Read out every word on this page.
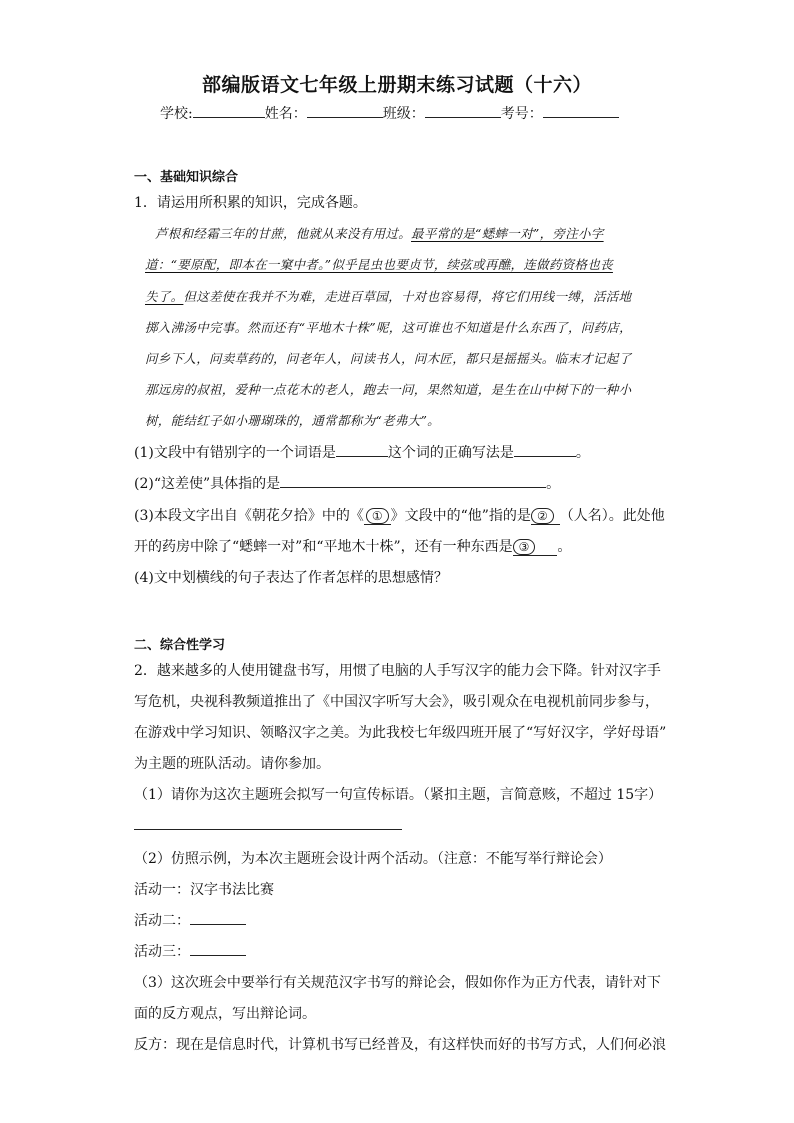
部编版语文七年级上册期末练习试题（十六）
学校:	姓名：	班级：	考号：
一、基础知识综合
1．请运用所积累的知识，完成各题。
芦根和经霜三年的甘蔗，他就从来没有用过。最平常的是“蟋蟀一对”，旁注小字
道：“要原配，即本在一窠中者。”似乎昆虫也要贞节，续弦或再醮，连做药资格也丧
失了。但这差使在我并不为难，走进百草园，十对也容易得，将它们用线一缚，活活地
掷入沸汤中完事。然而还有“平地木十株”呢，这可谁也不知道是什么东西了，问药店，
问乡下人，问卖草药的，问老年人，问读书人，问木匠，都只是摇摇头。临末才记起了
那远房的叔祖，爱种一点花木的老人，跑去一问，果然知道，是生在山中树下的一种小
树，能结红子如小珊瑚珠的，通常都称为“老弗大”。
(1)文段中有错别字的一个词语是	这个词的正确写法是	。
(2)“这差使”具体指的是	。
(3)本段文字出自《朝花夕拾》中的《 ① 》文段中的“他”指的是 ② （人名）。此处他
开的药房中除了“蟋蟀一对”和“平地木十株”，还有一种东西是 ③ 。
(4)文中划横线的句子表达了作者怎样的思想感情？
二、综合性学习
2．越来越多的人使用键盘书写，用惯了电脑的人手写汉字的能力会下降。针对汉字手
写危机，央视科教频道推出了《中国汉字听写大会》，吸引观众在电视机前同步参与，
在游戏中学习知识、领略汉字之美。为此我校七年级四班开展了“写好汉字，学好母语”
为主题的班队活动。请你参加。
（1）请你为这次主题班会拟写一句宣传标语。（紧扣主题，言简意赅，不超过 15字）
（2）仿照示例，为本次主题班会设计两个活动。（注意：不能写举行辩论会）
活动一：汉字书法比赛
活动二：
活动三：
（3）这次班会中要举行有关规范汉字书写的辩论会，假如你作为正方代表，请针对下
面的反方观点，写出辩论词。
反方：现在是信息时代，计算机书写已经普及，有这样快而好的书写方式，人们何必浪
